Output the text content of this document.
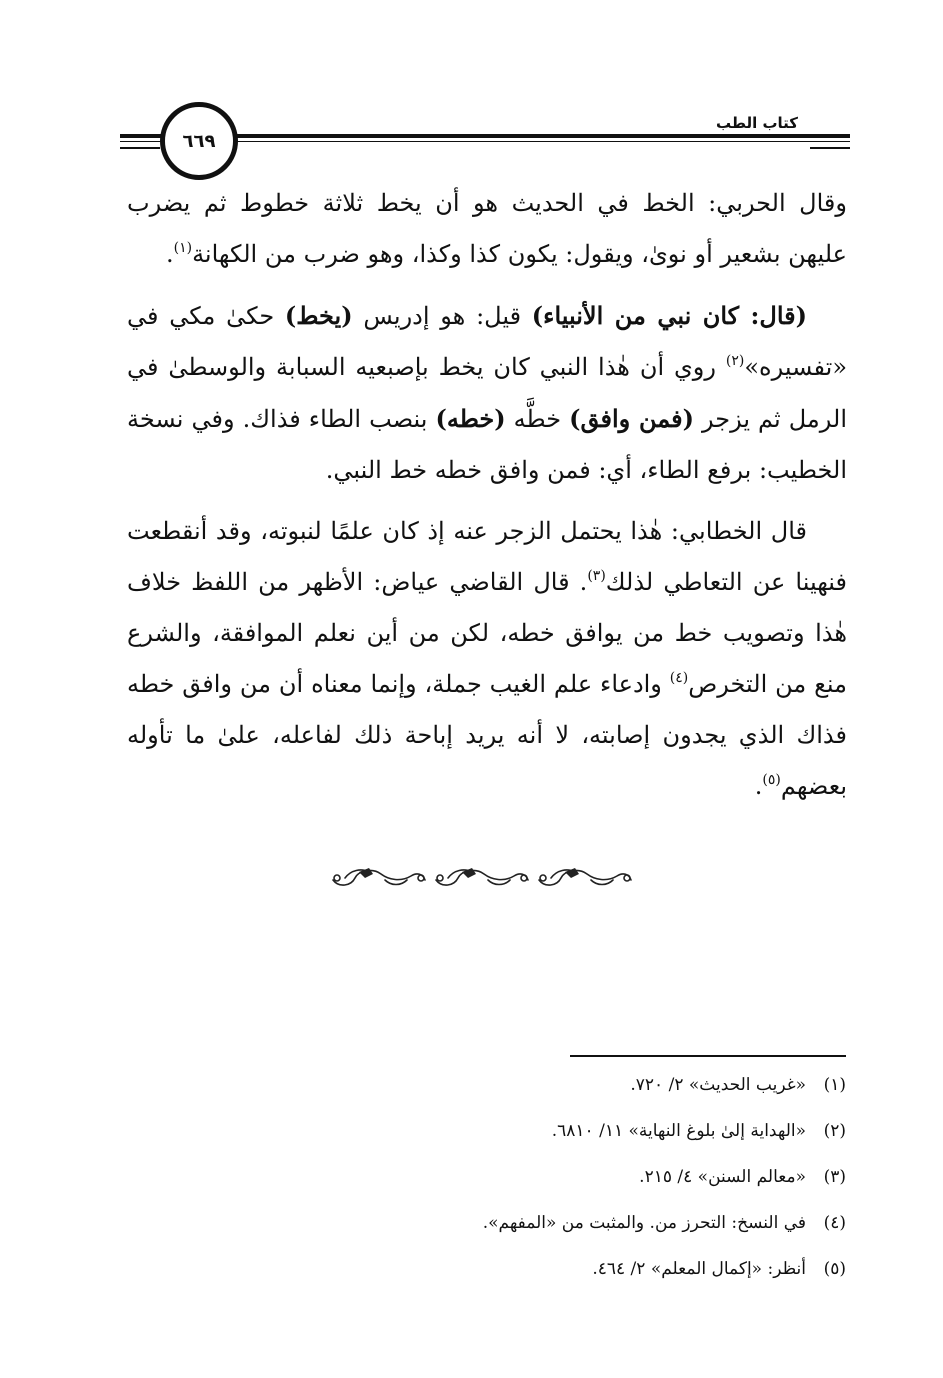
كتاب الطب
٦٦٩

وقال الحربي: الخط في الحديث هو أن يخط ثلاثة خطوط ثم يضرب عليهن بشعير أو نوىٰ، ويقول: يكون كذا وكذا، وهو ضرب من الكهانة$^{(١)}$.

(قال: كان نبي من الأنبياء) قيل: هو إدريس (يخط) حكىٰ مكي في «تفسيره»$^{(٢)}$ روي أن هٰذا النبي كان يخط بإصبعيه السبابة والوسطىٰ في الرمل ثم يزجر (فمن وافق) خطَّه (خطه) بنصب الطاء فذاك. وفي نسخة الخطيب: برفع الطاء، أي: فمن وافق خطه خط النبي.

قال الخطابي: هٰذا يحتمل الزجر عنه إذ كان علمًا لنبوته، وقد أنقطعت فنهينا عن التعاطي لذلك$^{(٣)}$. قال القاضي عياض: الأظهر من اللفظ خلاف هٰذا وتصويب خط من يوافق خطه، لكن من أين نعلم الموافقة، والشرع منع من التخرص$^{(٤)}$ وادعاء علم الغيب جملة، وإنما معناه أن من وافق خطه فذاك الذي يجدون إصابته، لا أنه يريد إباحة ذلك لفاعله، علىٰ ما تأوله بعضهم$^{(٥)}$.

(١)«غريب الحديث» ٢/ ٧٢٠.
(٢)«الهداية إلىٰ بلوغ النهاية» ١١/ ٦٨١٠.
(٣)«معالم السنن» ٤/ ٢١٥.
(٤)في النسخ: التحرز من. والمثبت من «المفهم».
(٥)أنظر: «إكمال المعلم» ٢/ ٤٦٤.
